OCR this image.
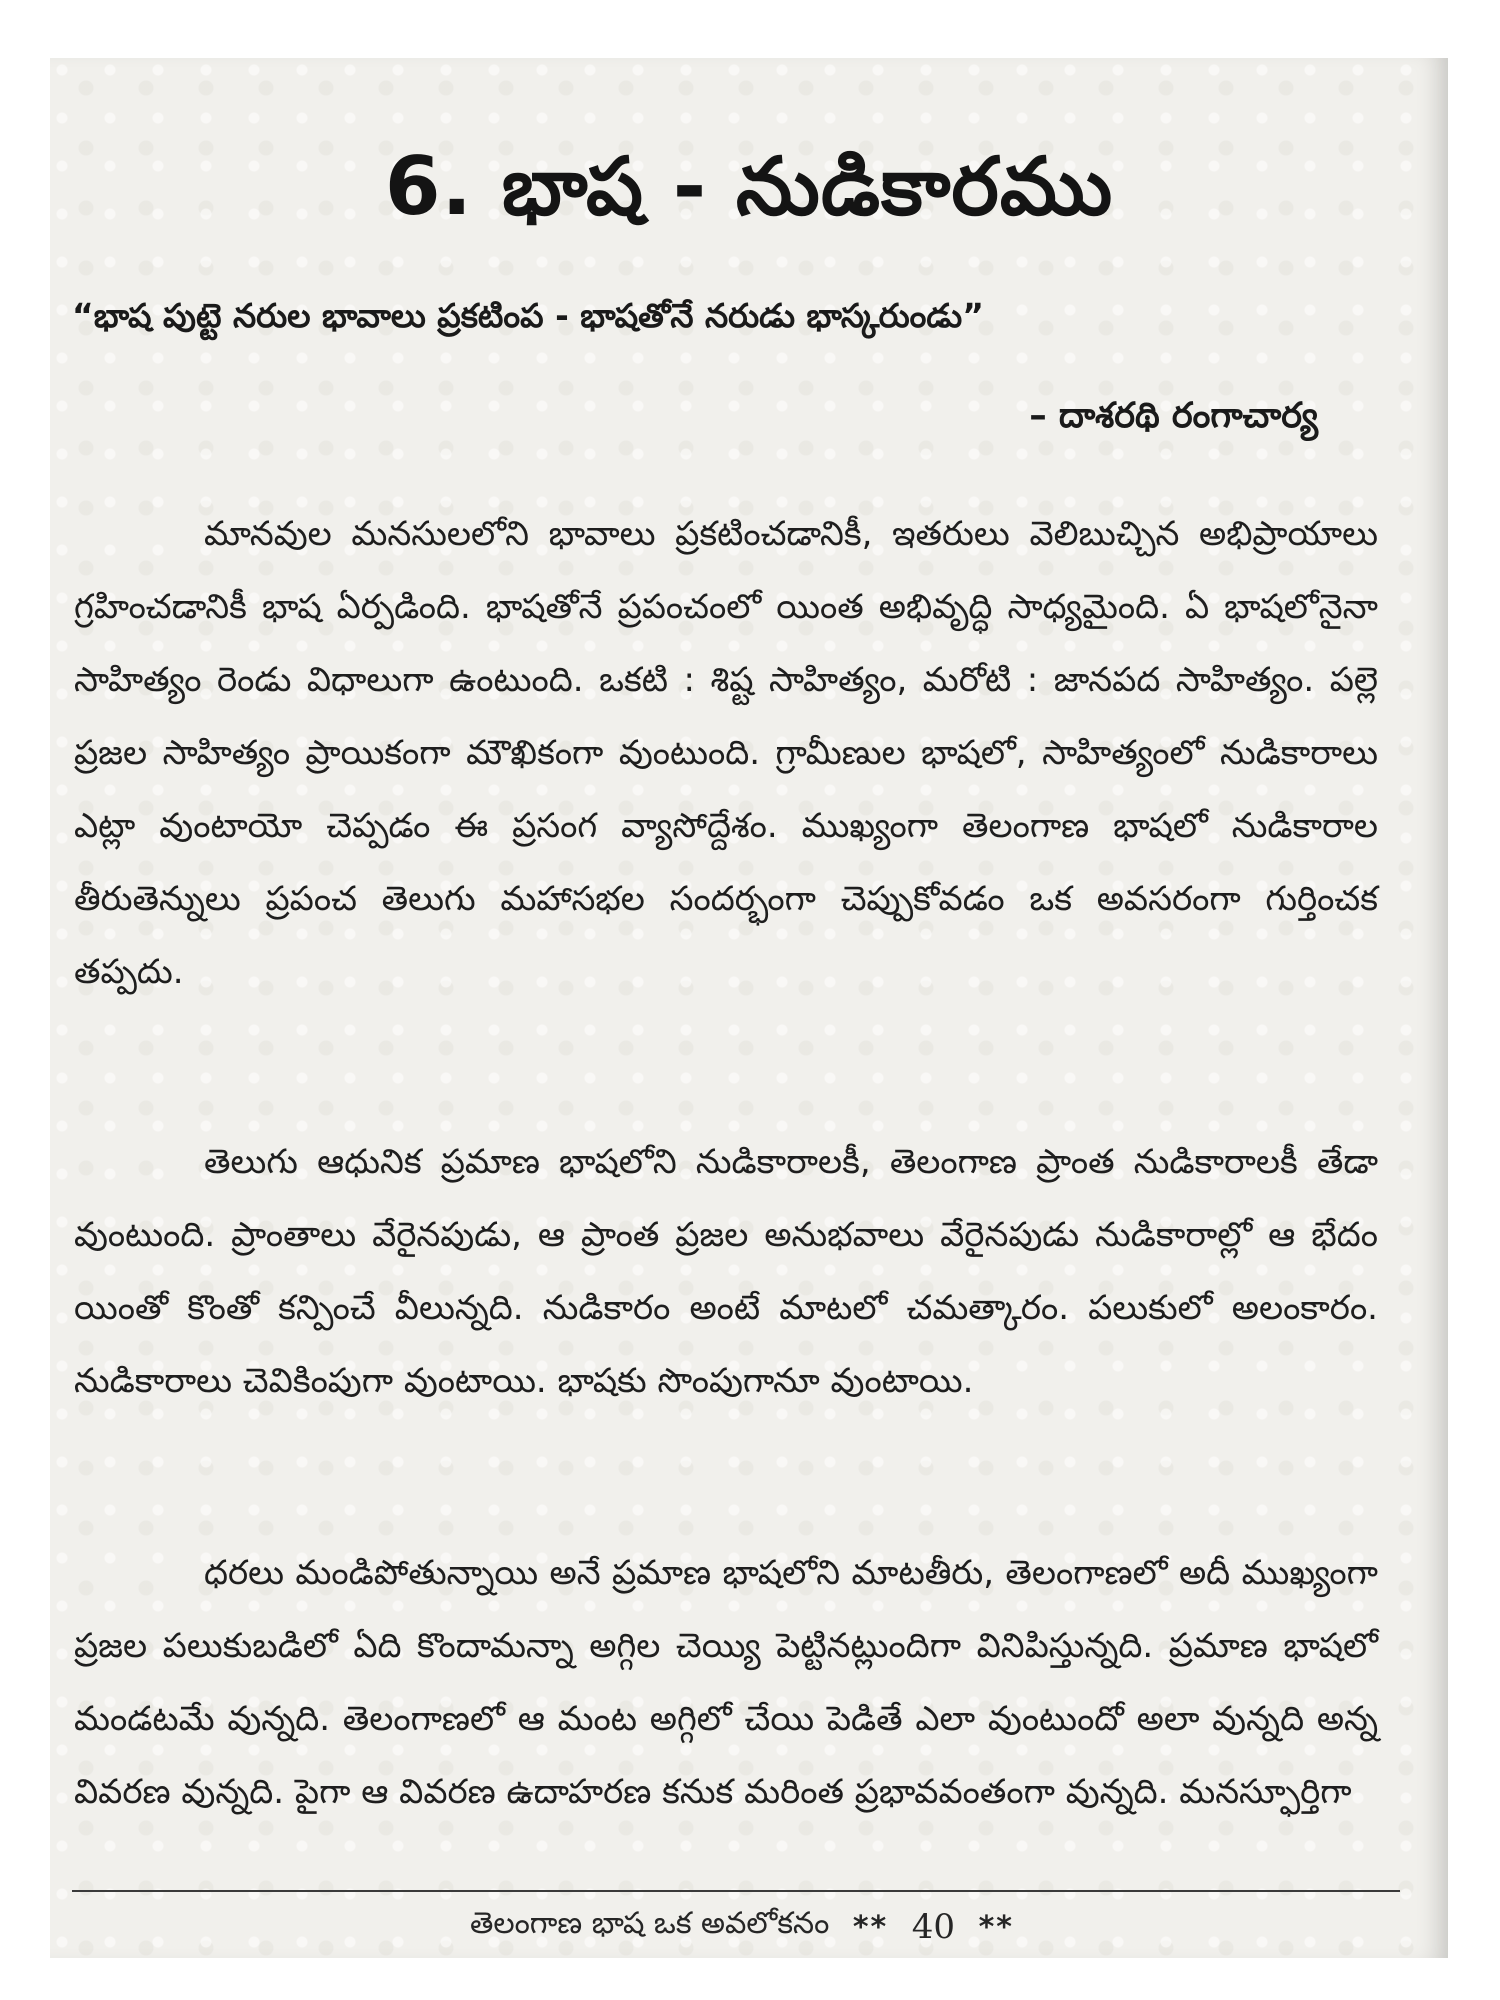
6. భాష - నుడికారము
“భాష పుట్టె నరుల భావాలు ప్రకటింప - భాషతోనే నరుడు భాస్కరుండు”
– దాశరథి రంగాచార్య

మానవుల మనసులలోని భావాలు ప్రకటించడానికీ, ఇతరులు వెలిబుచ్చిన అభిప్రాయాలు గ్రహించడానికీ భాష ఏర్పడింది. భాషతోనే ప్రపంచంలో యింత అభివృద్ధి సాధ్యమైంది. ఏ భాషలోనైనా సాహిత్యం రెండు విధాలుగా ఉంటుంది. ఒకటి : శిష్ట సాహిత్యం, మరోటి : జానపద సాహిత్యం. పల్లె ప్రజల సాహిత్యం ప్రాయికంగా మౌఖికంగా వుంటుంది. గ్రామీణుల భాషలో, సాహిత్యంలో నుడికారాలు ఎట్లా వుంటాయో చెప్పడం ఈ ప్రసంగ వ్యాసోద్దేశం. ముఖ్యంగా తెలంగాణ భాషలో నుడికారాల తీరుతెన్నులు ప్రపంచ తెలుగు మహాసభల సందర్భంగా చెప్పుకోవడం ఒక అవసరంగా గుర్తించక తప్పదు.

తెలుగు ఆధునిక ప్రమాణ భాషలోని నుడికారాలకీ, తెలంగాణ ప్రాంత నుడికారాలకీ తేడా వుంటుంది. ప్రాంతాలు వేరైనపుడు, ఆ ప్రాంత ప్రజల అనుభవాలు వేరైనపుడు నుడికారాల్లో ఆ భేదం యింతో కొంతో కన్పించే వీలున్నది. నుడికారం అంటే మాటలో చమత్కారం. పలుకులో అలంకారం. నుడికారాలు చెవికింపుగా వుంటాయి. భాషకు సొంపుగానూ వుంటాయి.

ధరలు మండిపోతున్నాయి అనే ప్రమాణ భాషలోని మాటతీరు, తెలంగాణలో అదీ ముఖ్యంగా ప్రజల పలుకుబడిలో ఏది కొందామన్నా అగ్గిల చెయ్యి పెట్టినట్లుందిగా వినిపిస్తున్నది. ప్రమాణ భాషలో మండటమే వున్నది. తెలంగాణలో ఆ మంట అగ్గిలో చేయి పెడితే ఎలా వుంటుందో అలా వున్నది అన్న వివరణ వున్నది. పైగా ఆ వివరణ ఉదాహరణ కనుక మరింత ప్రభావవంతంగా వున్నది. మనస్ఫూర్తిగా

తెలంగాణ భాష ఒక అవలోకనం ** 40 **
